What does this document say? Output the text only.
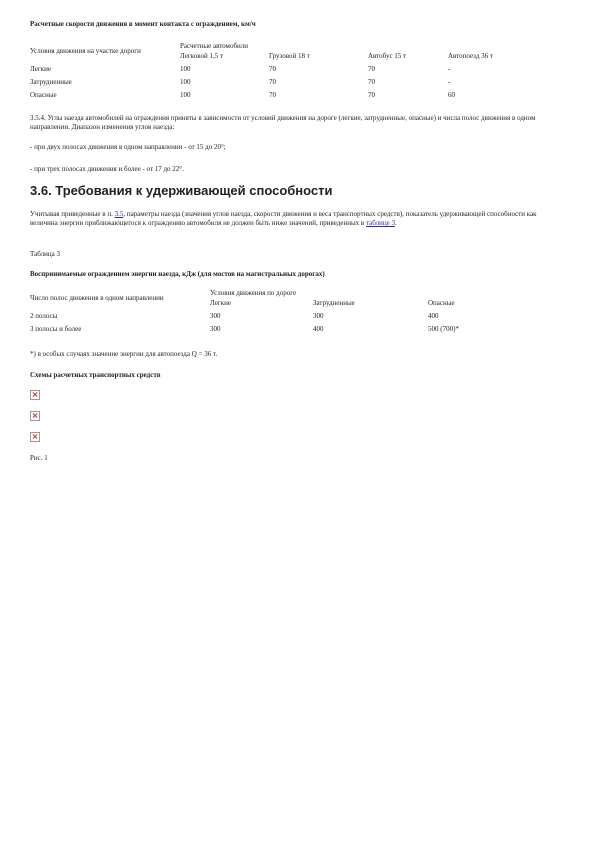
Расчетные скорости движения в момент контакта с ограждением, км/ч
Условия движения на участке дороги	Расчетные автомобили			
	Легковой 1,5 т	Грузовой 18 т	Автобус 15 т	Автопоезд 36 т
Легкие	100	70	70	-
Затрудненные	100	70	70	-
Опасные	100	70	70	60
3.5.4. Углы наезда автомобилей на ограждения приняты в зависимости от условий движения на дороге (легкие, затрудненные, опасные) и числа полос движения в одном направлении. Диапазон изменения углов наезда:
- при двух полосах движения в одном направлении - от 15 до 20°;
- при трех полосах движения и более - от 17 до 22°.
3.6. Требования к удерживающей способности
Учитывая приведенные в п. 3.5, параметры наезда (значения углов наезда, скорости движения и веса транспортных средств), показатель удерживающей способности как величина энергии приближающегося к ограждению автомобиля не должен быть ниже значений, приведенных в таблице 3.
Таблица 3
Воспринимаемые ограждением энергии наезда, кДж (для мостов на магистральных дорогах)
Число полос движения в одном направлении	Условия движения по дороге		
	Легкие	Затрудненные	Опасные
2 полосы	300	300	400
3 полосы и более	300	400	500 (700)*
*) в особых случаях значение энергии для автопоезда Q = 36 т.
Схемы расчетных транспортных средств
Рис. 1
